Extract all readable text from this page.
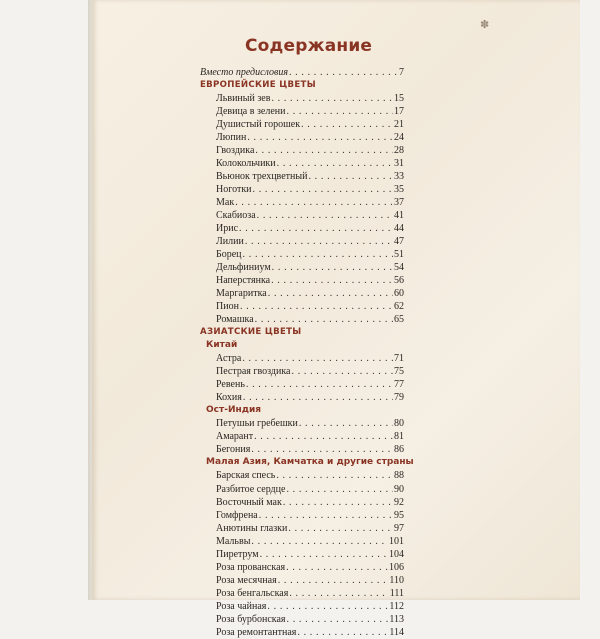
✽
Содержание
Вместо предисловия . . .	7
ЕВРОПЕЙСКИЕ ЦВЕТЫ
Львиный зев . . .	15
Девица в зелени . . .	17
Душистый горошек . . .	21
Люпин . . .	24
Гвоздика . . .	28
Колокольчики . . .	31
Вьюнок трехцветный . . .	33
Ноготки . . .	35
Мак . . .	37
Скабиоза . . .	41
Ирис . . .	44
Лилии . . .	47
Борец . . .	51
Дельфиниум . . .	54
Наперстянка . . .	56
Маргаритка . . .	60
Пион . . .	62
Ромашка . . .	65
АЗИАТСКИЕ ЦВЕТЫ
Китай
Астра . . .	71
Пестрая гвоздика . . .	75
Ревень . . .	77
Кохия . . .	79
Ост-Индия
Петушьи гребешки . . .	80
Амарант . . .	81
Бегония . . .	86
Малая Азия, Камчатка и другие страны
Барская спесь . . .	88
Разбитое сердце . . .	90
Восточный мак . . .	92
Гомфрена . . .	95
Анютины глазки . . .	97
Мальвы . . .	101
Пиретрум . . .	104
Роза прованская . . .	106
Роза месячная . . .	110
Роза бенгальская . . .	111
Роза чайная . . .	112
Роза бурбонская . . .	113
Роза ремонтантная . . .	114
